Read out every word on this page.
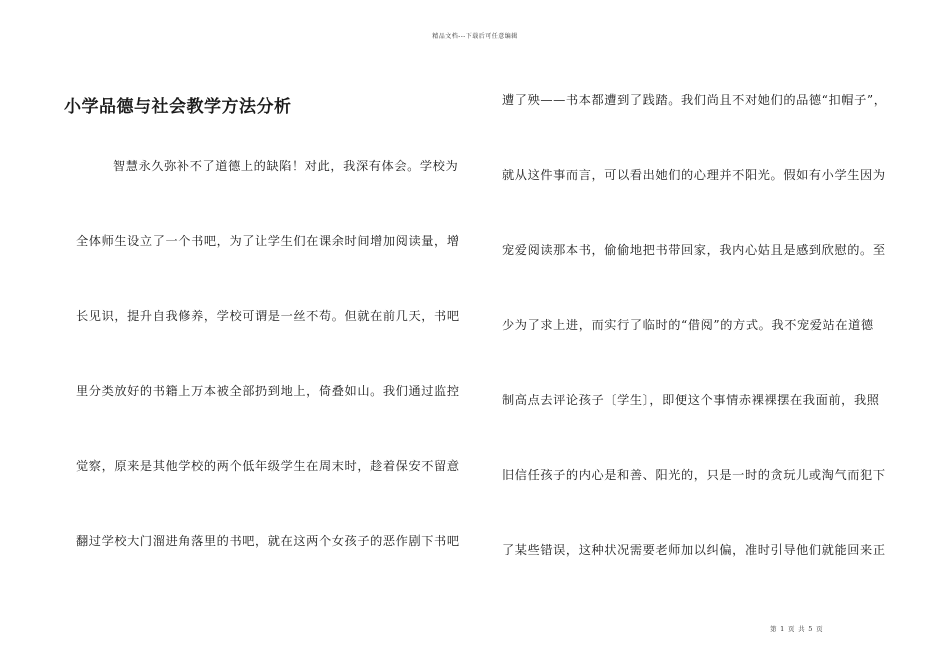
精品文档---下载后可任意编辑
小学品德与社会教学方法分析
智慧永久弥补不了道德上的缺陷！对此，我深有体会。学校为
全体师生设立了一个书吧，为了让学生们在课余时间增加阅读量，增
长见识，提升自我修养，学校可谓是一丝不苟。但就在前几天，书吧
里分类放好的书籍上万本被全部扔到地上，倚叠如山。我们通过监控
觉察，原来是其他学校的两个低年级学生在周末时，趁着保安不留意
翻过学校大门溜进角落里的书吧，就在这两个女孩子的恶作剧下书吧
遭了殃——书本都遭到了践踏。我们尚且不对她们的品德“扣帽子”，
就从这件事而言，可以看出她们的心理并不阳光。假如有小学生因为
宠爱阅读那本书，偷偷地把书带回家，我内心姑且是感到欣慰的。至
少为了求上进，而实行了临时的“借阅”的方式。我不宠爱站在道德
制高点去评论孩子〔学生〕，即便这个事情赤裸裸摆在我面前，我照
旧信任孩子的内心是和善、阳光的，只是一时的贪玩儿或淘气而犯下
了某些错误，这种状况需要老师加以纠偏，准时引导他们就能回来正
第 1 页 共 5 页
